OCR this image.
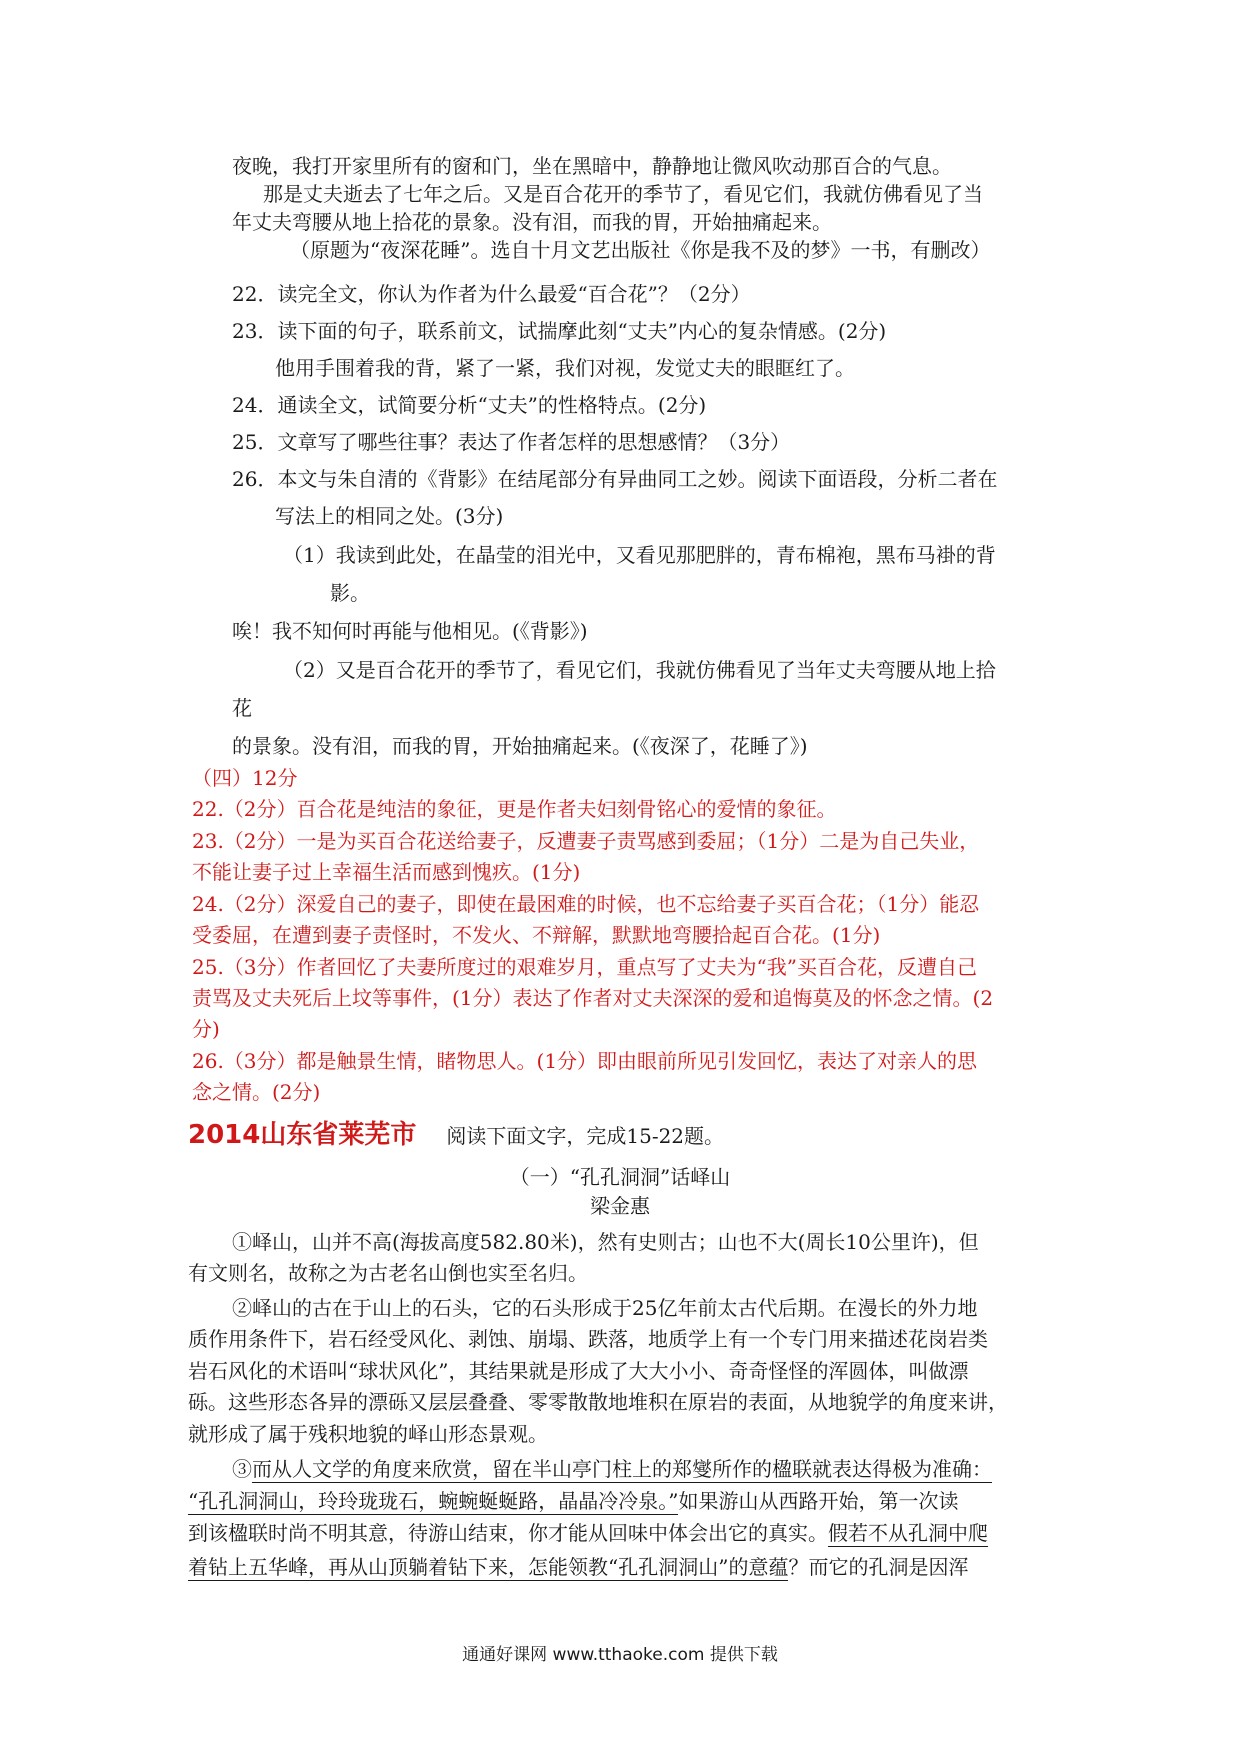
夜晚，我打开家里所有的窗和门，坐在黑暗中，静静地让微风吹动那百合的气息。
那是丈夫逝去了七年之后。又是百合花开的季节了，看见它们，我就仿佛看见了当
年丈夫弯腰从地上拾花的景象。没有泪，而我的胃，开始抽痛起来。
（原题为“夜深花睡”。选自十月文艺出版社《你是我不及的梦》一书，有删改）
22．读完全文，你认为作者为什么最爱“百合花”？（2分）
23．读下面的句子，联系前文，试揣摩此刻“丈夫”内心的复杂情感。(2分)
他用手围着我的背，紧了一紧，我们对视，发觉丈夫的眼眶红了。
24．通读全文，试简要分析“丈夫”的性格特点。(2分)
25．文章写了哪些往事？表达了作者怎样的思想感情？（3分）
26．本文与朱自清的《背影》在结尾部分有异曲同工之妙。阅读下面语段，分析二者在
写法上的相同之处。(3分)
（1）我读到此处，在晶莹的泪光中，又看见那肥胖的，青布棉袍，黑布马褂的背
影。
唉！我不知何时再能与他相见。(《背影》)
（2）又是百合花开的季节了，看见它们，我就仿佛看见了当年丈夫弯腰从地上拾
花
的景象。没有泪，而我的胃，开始抽痛起来。(《夜深了，花睡了》)
（四）12分
22.（2分）百合花是纯洁的象征，更是作者夫妇刻骨铭心的爱情的象征。
23.（2分）一是为买百合花送给妻子，反遭妻子责骂感到委屈；（1分）二是为自己失业，
不能让妻子过上幸福生活而感到愧疚。(1分)
24.（2分）深爱自己的妻子，即使在最困难的时候，也不忘给妻子买百合花；（1分）能忍
受委屈，在遭到妻子责怪时，不发火、不辩解，默默地弯腰拾起百合花。(1分)
25.（3分）作者回忆了夫妻所度过的艰难岁月，重点写了丈夫为“我”买百合花，反遭自己
责骂及丈夫死后上坟等事件，(1分）表达了作者对丈夫深深的爱和追悔莫及的怀念之情。(2
分)
26.（3分）都是触景生情，睹物思人。(1分）即由眼前所见引发回忆，表达了对亲人的思
念之情。(2分)
2014山东省莱芜市 阅读下面文字，完成15-22题。
（一）“孔孔洞洞”话峄山
梁金惠
①峄山，山并不高(海拔高度582.80米)，然有史则古；山也不大(周长10公里许)，但
有文则名，故称之为古老名山倒也实至名归。
②峄山的古在于山上的石头，它的石头形成于25亿年前太古代后期。在漫长的外力地
质作用条件下，岩石经受风化、剥蚀、崩塌、跌落，地质学上有一个专门用来描述花岗岩类
岩石风化的术语叫“球状风化”，其结果就是形成了大大小小、奇奇怪怪的浑圆体，叫做漂
砾。这些形态各异的漂砾又层层叠叠、零零散散地堆积在原岩的表面，从地貌学的角度来讲，
就形成了属于残积地貌的峄山形态景观。
③而从人文学的角度来欣赏，留在半山亭门柱上的郑燮所作的楹联就表达得极为准确：
“孔孔洞洞山，玲玲珑珑石，蜿蜿蜒蜒路，晶晶冷冷泉。”如果游山从西路开始，第一次读
到该楹联时尚不明其意，待游山结束，你才能从回味中体会出它的真实。假若不从孔洞中爬
着钻上五华峰，再从山顶躺着钻下来，怎能领教“孔孔洞洞山”的意蕴？而它的孔洞是因浑
通通好课网 www.tthaoke.com 提供下载
